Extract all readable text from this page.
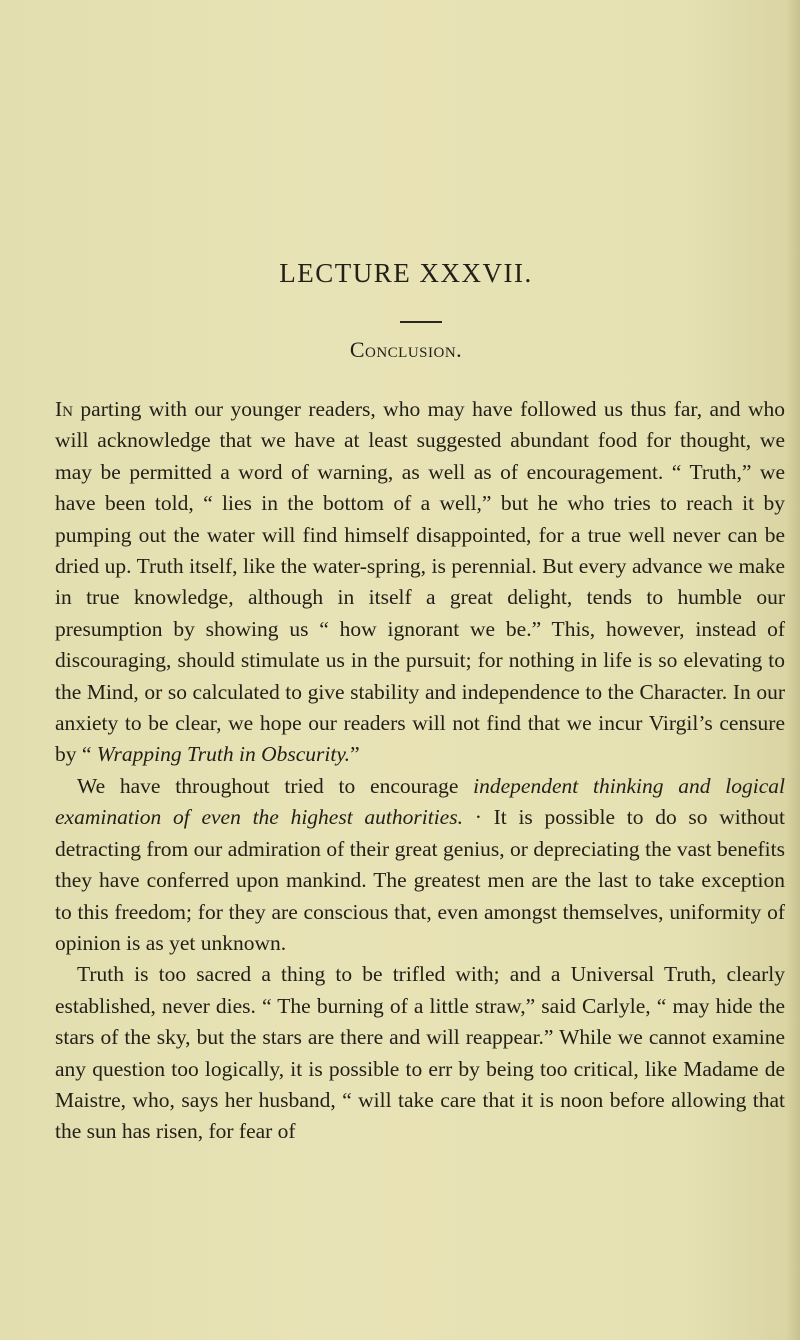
LECTURE XXXVII.
Conclusion.

In parting with our younger readers, who may have followed us thus far, and who will acknowledge that we have at least suggested abundant food for thought, we may be permitted a word of warning, as well as of encouragement. “ Truth,” we have been told, “ lies in the bottom of a well,” but he who tries to reach it by pumping out the water will find himself disappointed, for a true well never can be dried up. Truth itself, like the water-spring, is perennial. But every advance we make in true knowledge, although in itself a great delight, tends to humble our presumption by showing us “ how ignorant we be.” This, however, instead of discouraging, should stimulate us in the pursuit; for nothing in life is so elevating to the Mind, or so calculated to give stability and independence to the Character. In our anxiety to be clear, we hope our readers will not find that we incur Virgil’s censure by “ Wrapping Truth in Obscurity.”

We have throughout tried to encourage independent thinking and logical examination of even the highest authorities. · It is possible to do so without detracting from our admiration of their great genius, or depreciating the vast benefits they have conferred upon mankind. The greatest men are the last to take exception to this freedom; for they are conscious that, even amongst themselves, uniformity of opinion is as yet unknown.

Truth is too sacred a thing to be trifled with; and a Universal Truth, clearly established, never dies. “ The burning of a little straw,” said Carlyle, “ may hide the stars of the sky, but the stars are there and will reappear.” While we cannot examine any question too logically, it is possible to err by being too critical, like Madame de Maistre, who, says her husband, “ will take care that it is noon before allowing that the sun has risen, for fear of
